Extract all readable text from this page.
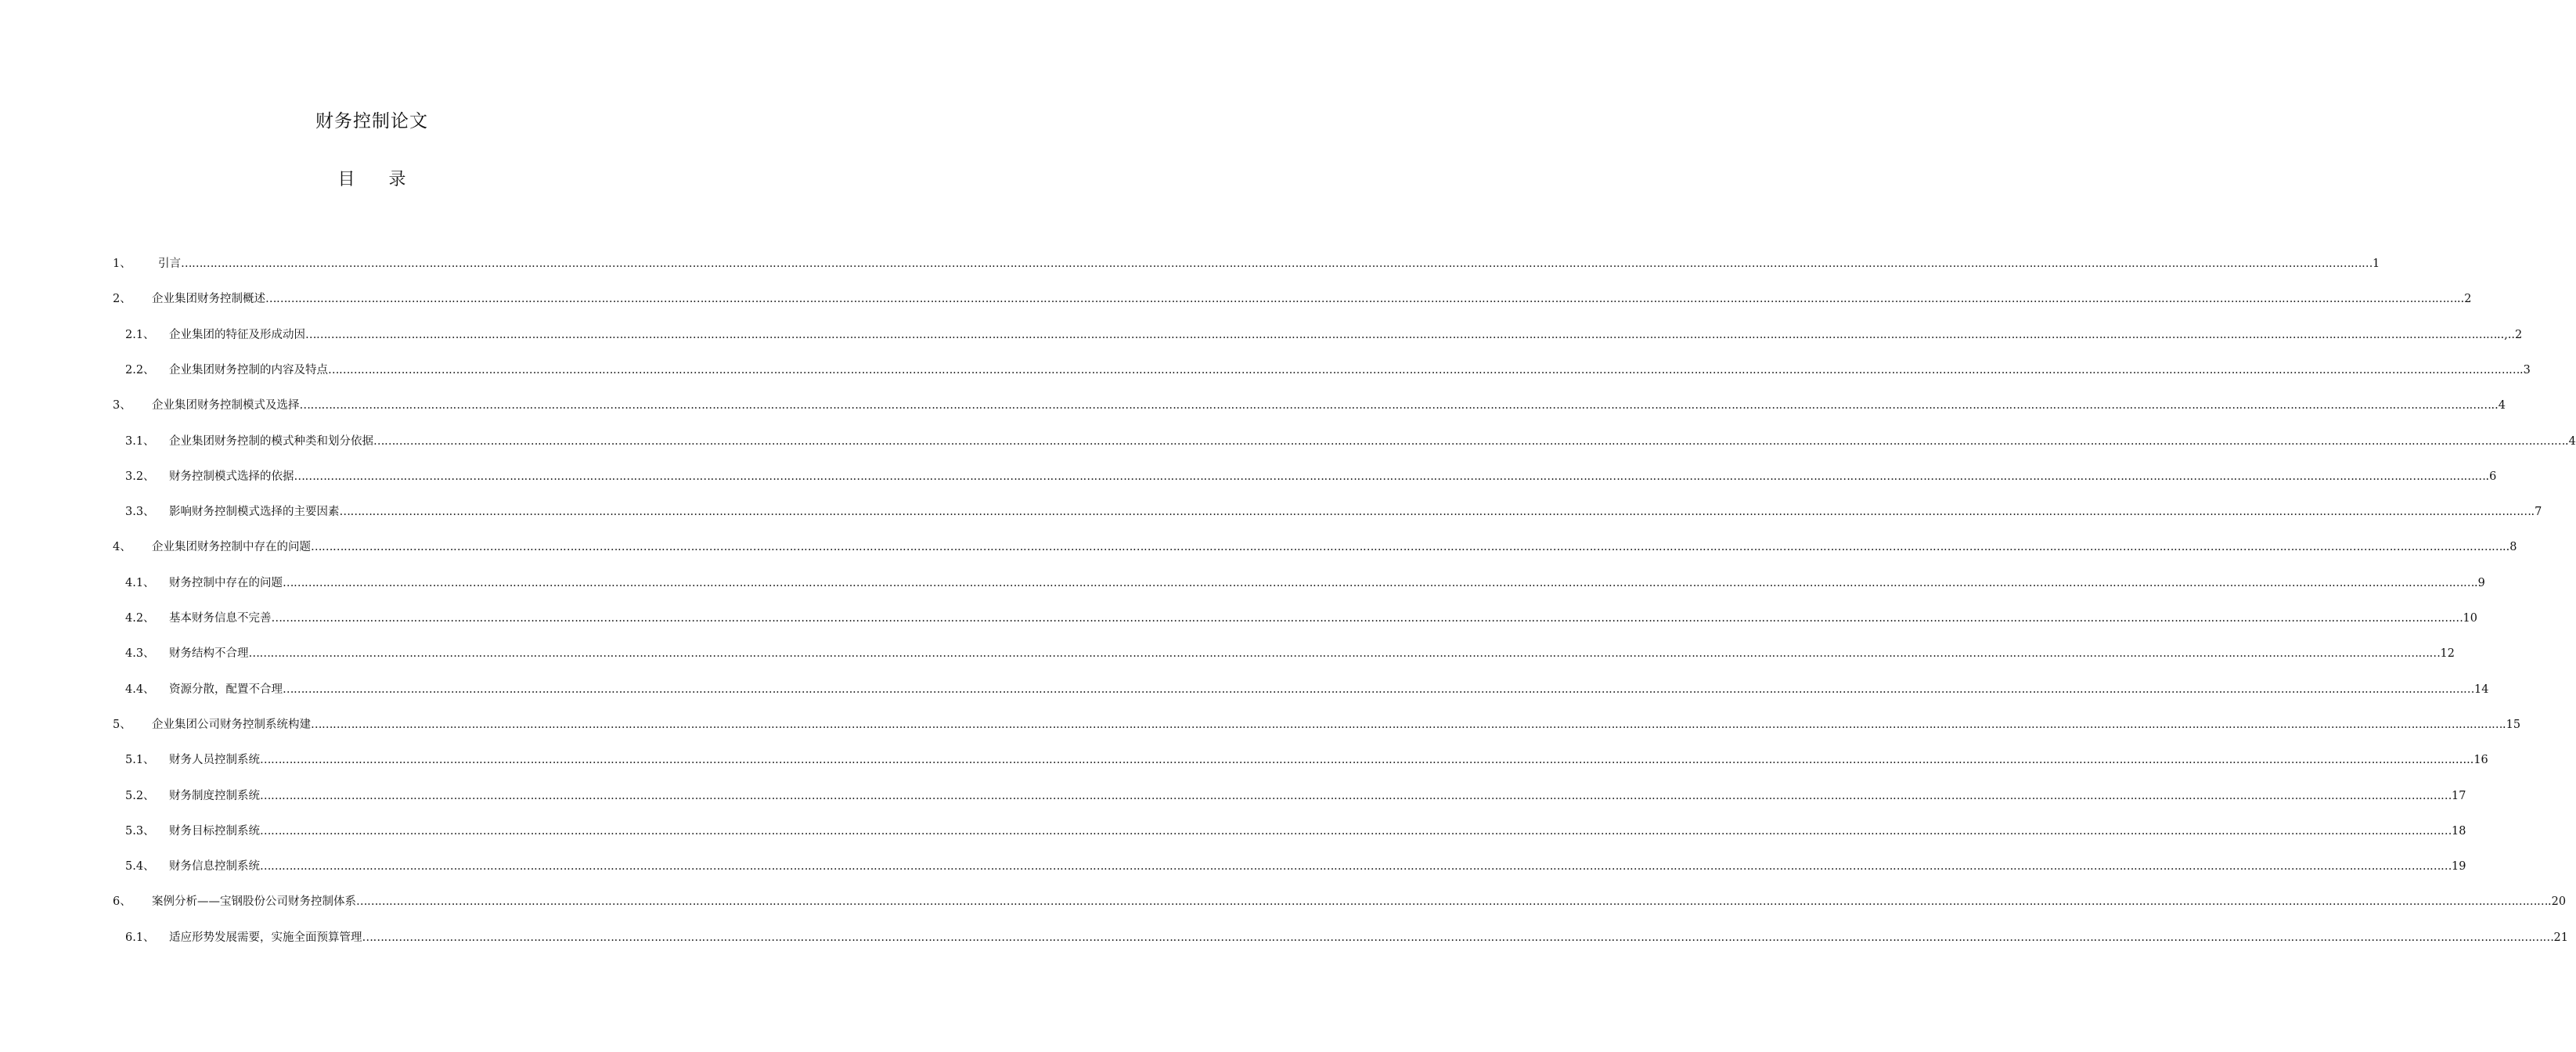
财务控制论文
目 录
1、	引言 …………………………………………………………………………………………………………………………………………………………………………………………………………………………………………………………………………………………………………………………………………………………………………………………………………………………………………………………………………………………………………………………………………………… 1
2、	企业集团财务控制概述 …………………………………………………………………………………………………………………………………………………………………………………………………………………………………………………………………………………………………………………………………………………………………………………………………………………………………………………………………………………………………………………………………………………… ..2
2.1、	企业集团的特征及形成动因 …………………………………………………………………………………………………………………………………………………………………………………………………………………………………………………………………………………………………………………………………………………………………………………………………………………………………………………………………………………………………………………………………………………… ..,..2
2.2、	企业集团财务控制的内容及特点 …………………………………………………………………………………………………………………………………………………………………………………………………………………………………………………………………………………………………………………………………………………………………………………………………………………………………………………………………………………………………………………………………………………… .3
3、	企业集团财务控制模式及选择 …………………………………………………………………………………………………………………………………………………………………………………………………………………………………………………………………………………………………………………………………………………………………………………………………………………………………………………………………………………………………………………………………………………… ..4
3.1、	企业集团财务控制的模式种类和划分依据 …………………………………………………………………………………………………………………………………………………………………………………………………………………………………………………………………………………………………………………………………………………………………………………………………………………………………………………………………………………………………………………………………………………… .4
3.2、	财务控制模式选择的依据 …………………………………………………………………………………………………………………………………………………………………………………………………………………………………………………………………………………………………………………………………………………………………………………………………………………………………………………………………………………………………………………………………………………… .6
3.3、	影响财务控制模式选择的主要因素 …………………………………………………………………………………………………………………………………………………………………………………………………………………………………………………………………………………………………………………………………………………………………………………………………………………………………………………………………………………………………………………………………………………… .7
4、	企业集团财务控制中存在的问题 …………………………………………………………………………………………………………………………………………………………………………………………………………………………………………………………………………………………………………………………………………………………………………………………………………………………………………………………………………………………………………………………………………………… ..8
4.1、	财务控制中存在的问题 …………………………………………………………………………………………………………………………………………………………………………………………………………………………………………………………………………………………………………………………………………………………………………………………………………………………………………………………………………………………………………………………………………………… .9
4.2、	基本财务信息不完善 …………………………………………………………………………………………………………………………………………………………………………………………………………………………………………………………………………………………………………………………………………………………………………………………………………………………………………………………………………………………………………………………………………………… 10
4.3、	财务结构不合理 …………………………………………………………………………………………………………………………………………………………………………………………………………………………………………………………………………………………………………………………………………………………………………………………………………………………………………………………………………………………………………………………………………………… 12
4.4、	资源分散，配置不合理 …………………………………………………………………………………………………………………………………………………………………………………………………………………………………………………………………………………………………………………………………………………………………………………………………………………………………………………………………………………………………………………………………………………… 14
5、	企业集团公司财务控制系统构建 …………………………………………………………………………………………………………………………………………………………………………………………………………………………………………………………………………………………………………………………………………………………………………………………………………………………………………………………………………………………………………………………………………………… .15
5.1、	财务人员控制系统 …………………………………………………………………………………………………………………………………………………………………………………………………………………………………………………………………………………………………………………………………………………………………………………………………………………………………………………………………………………………………………………………………………………… …...16
5.2、	财务制度控制系统 …………………………………………………………………………………………………………………………………………………………………………………………………………………………………………………………………………………………………………………………………………………………………………………………………………………………………………………………………………………………………………………………………………………… 17
5.3、	财务目标控制系统 …………………………………………………………………………………………………………………………………………………………………………………………………………………………………………………………………………………………………………………………………………………………………………………………………………………………………………………………………………………………………………………………………………………… 18
5.4、	财务信息控制系统 …………………………………………………………………………………………………………………………………………………………………………………………………………………………………………………………………………………………………………………………………………………………………………………………………………………………………………………………………………………………………………………………………………………… 19
6、	案例分析——宝钢股份公司财务控制体系 …………………………………………………………………………………………………………………………………………………………………………………………………………………………………………………………………………………………………………………………………………………………………………………………………………………………………………………………………………………………………………………………………………………… .20
6.1、	适应形势发展需要，实施全面预算管理 …………………………………………………………………………………………………………………………………………………………………………………………………………………………………………………………………………………………………………………………………………………………………………………………………………………………………………………………………………………………………………………………………………………… 21
